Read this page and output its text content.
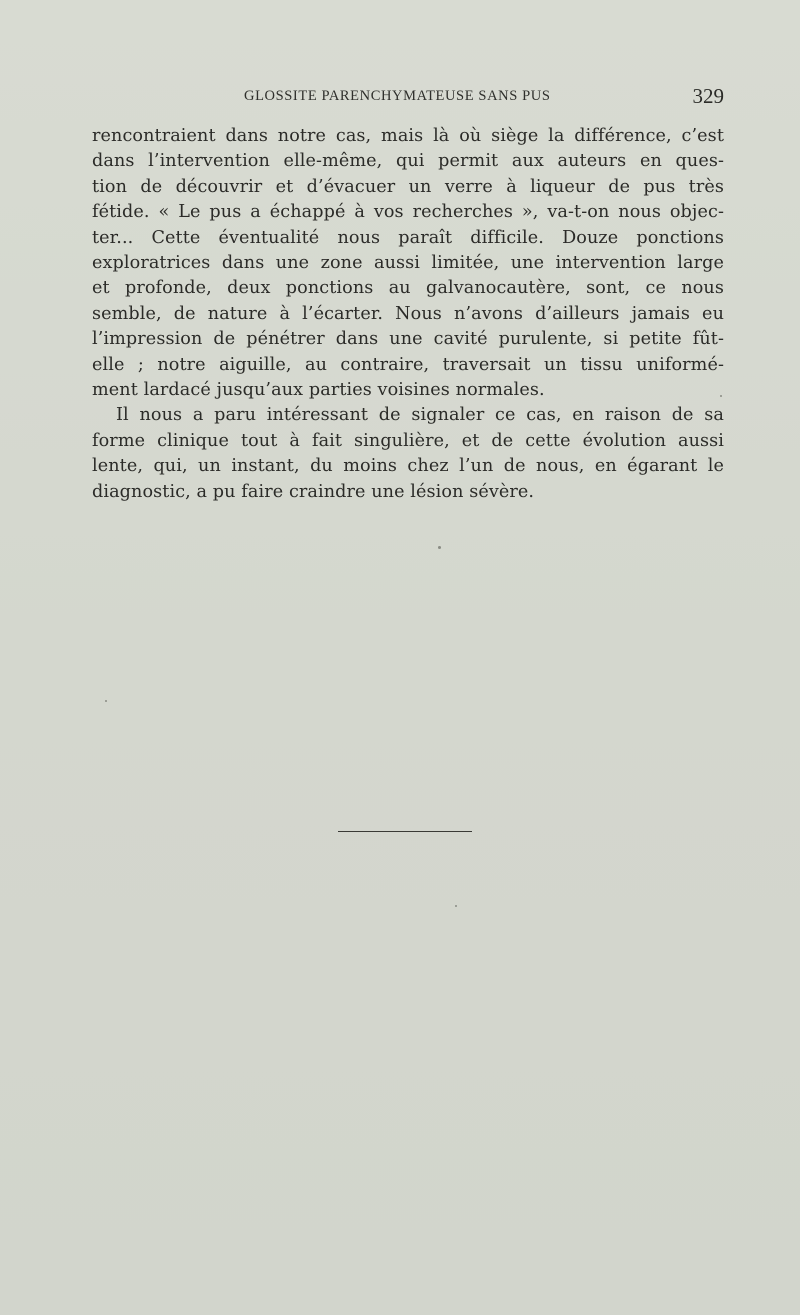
GLOSSITE PARENCHYMATEUSE SANS PUS	329
rencontraient dans notre cas, mais là où siège la différence, c’est
dans l’intervention elle-même, qui permit aux auteurs en ques-
tion de découvrir et d’évacuer un verre à liqueur de pus très
fétide. « Le pus a échappé à vos recherches », va-t-on nous objec-
ter... Cette éventualité nous paraît difficile. Douze ponctions
exploratrices dans une zone aussi limitée, une intervention large
et profonde, deux ponctions au galvanocautère, sont, ce nous
semble, de nature à l’écarter. Nous n’avons d’ailleurs jamais eu
l’impression de pénétrer dans une cavité purulente, si petite fût-
elle ; notre aiguille, au contraire, traversait un tissu uniformé-
ment lardacé jusqu’aux parties voisines normales.
Il nous a paru intéressant de signaler ce cas, en raison de sa
forme clinique tout à fait singulière, et de cette évolution aussi
lente, qui, un instant, du moins chez l’un de nous, en égarant le
diagnostic, a pu faire craindre une lésion sévère.
